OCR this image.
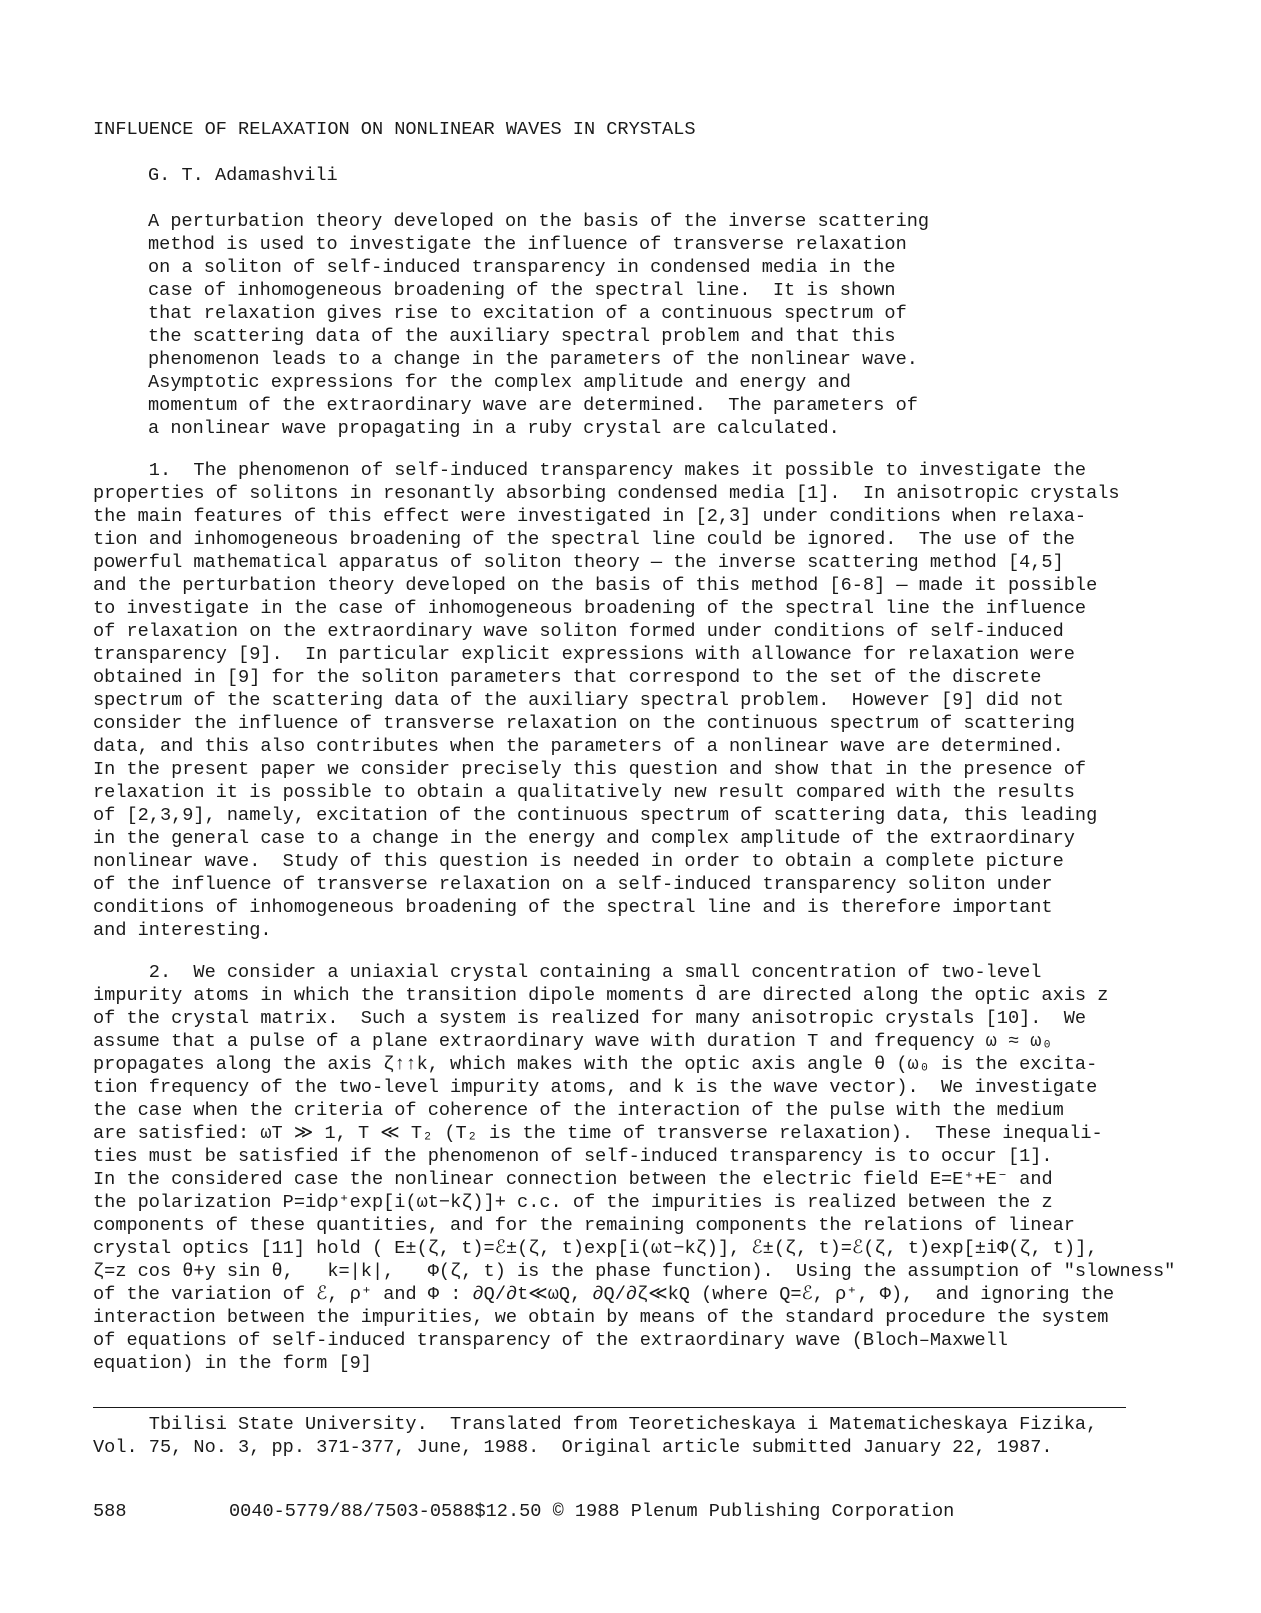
INFLUENCE OF RELAXATION ON NONLINEAR WAVES IN CRYSTALS
G. T. Adamashvili
A perturbation theory developed on the basis of the inverse scattering
method is used to investigate the influence of transverse relaxation
on a soliton of self-induced transparency in condensed media in the
case of inhomogeneous broadening of the spectral line.  It is shown
that relaxation gives rise to excitation of a continuous spectrum of
the scattering data of the auxiliary spectral problem and that this
phenomenon leads to a change in the parameters of the nonlinear wave.
Asymptotic expressions for the complex amplitude and energy and
momentum of the extraordinary wave are determined.  The parameters of
a nonlinear wave propagating in a ruby crystal are calculated.
1.  The phenomenon of self-induced transparency makes it possible to investigate the
properties of solitons in resonantly absorbing condensed media [1].  In anisotropic crystals
the main features of this effect were investigated in [2,3] under conditions when relaxa-
tion and inhomogeneous broadening of the spectral line could be ignored.  The use of the
powerful mathematical apparatus of soliton theory — the inverse scattering method [4,5]
and the perturbation theory developed on the basis of this method [6-8] — made it possible
to investigate in the case of inhomogeneous broadening of the spectral line the influence
of relaxation on the extraordinary wave soliton formed under conditions of self-induced
transparency [9].  In particular explicit expressions with allowance for relaxation were
obtained in [9] for the soliton parameters that correspond to the set of the discrete
spectrum of the scattering data of the auxiliary spectral problem.  However [9] did not
consider the influence of transverse relaxation on the continuous spectrum of scattering
data, and this also contributes when the parameters of a nonlinear wave are determined.
In the present paper we consider precisely this question and show that in the presence of
relaxation it is possible to obtain a qualitatively new result compared with the results
of [2,3,9], namely, excitation of the continuous spectrum of scattering data, this leading
in the general case to a change in the energy and complex amplitude of the extraordinary
nonlinear wave.  Study of this question is needed in order to obtain a complete picture
of the influence of transverse relaxation on a self-induced transparency soliton under
conditions of inhomogeneous broadening of the spectral line and is therefore important
and interesting.
2.  We consider a uniaxial crystal containing a small concentration of two-level
impurity atoms in which the transition dipole moments d̄ are directed along the optic axis z
of the crystal matrix.  Such a system is realized for many anisotropic crystals [10].  We
assume that a pulse of a plane extraordinary wave with duration T and frequency ω ≈ ω₀
propagates along the axis ζ↑↑k, which makes with the optic axis angle θ (ω₀ is the excita-
tion frequency of the two-level impurity atoms, and k is the wave vector).  We investigate
the case when the criteria of coherence of the interaction of the pulse with the medium
are satisfied: ωT ≫ 1, T ≪ T₂ (T₂ is the time of transverse relaxation).  These inequali-
ties must be satisfied if the phenomenon of self-induced transparency is to occur [1].
In the considered case the nonlinear connection between the electric field E=E⁺+E⁻ and
the polarization P=idρ⁺exp[i(ωt−kζ)]+ c.c. of the impurities is realized between the z
components of these quantities, and for the remaining components the relations of linear
crystal optics [11] hold ( E±(ζ, t)=ℰ±(ζ, t)exp[i(ωt−kζ)], ℰ±(ζ, t)=ℰ(ζ, t)exp[±iΦ(ζ, t)],
ζ=z cos θ+y sin θ,   k=|k|,   Φ(ζ, t) is the phase function).  Using the assumption of "slowness"
of the variation of ℰ, ρ⁺ and Φ : ∂Q/∂t≪ωQ, ∂Q/∂ζ≪kQ (where Q=ℰ, ρ⁺, Φ),  and ignoring the
interaction between the impurities, we obtain by means of the standard procedure the system
of equations of self-induced transparency of the extraordinary wave (Bloch–Maxwell
equation) in the form [9]
Tbilisi State University.  Translated from Teoreticheskaya i Matematicheskaya Fizika,
Vol. 75, No. 3, pp. 371-377, June, 1988.  Original article submitted January 22, 1987.
588	0040-5779/88/7503-0588$12.50 © 1988 Plenum Publishing Corporation
